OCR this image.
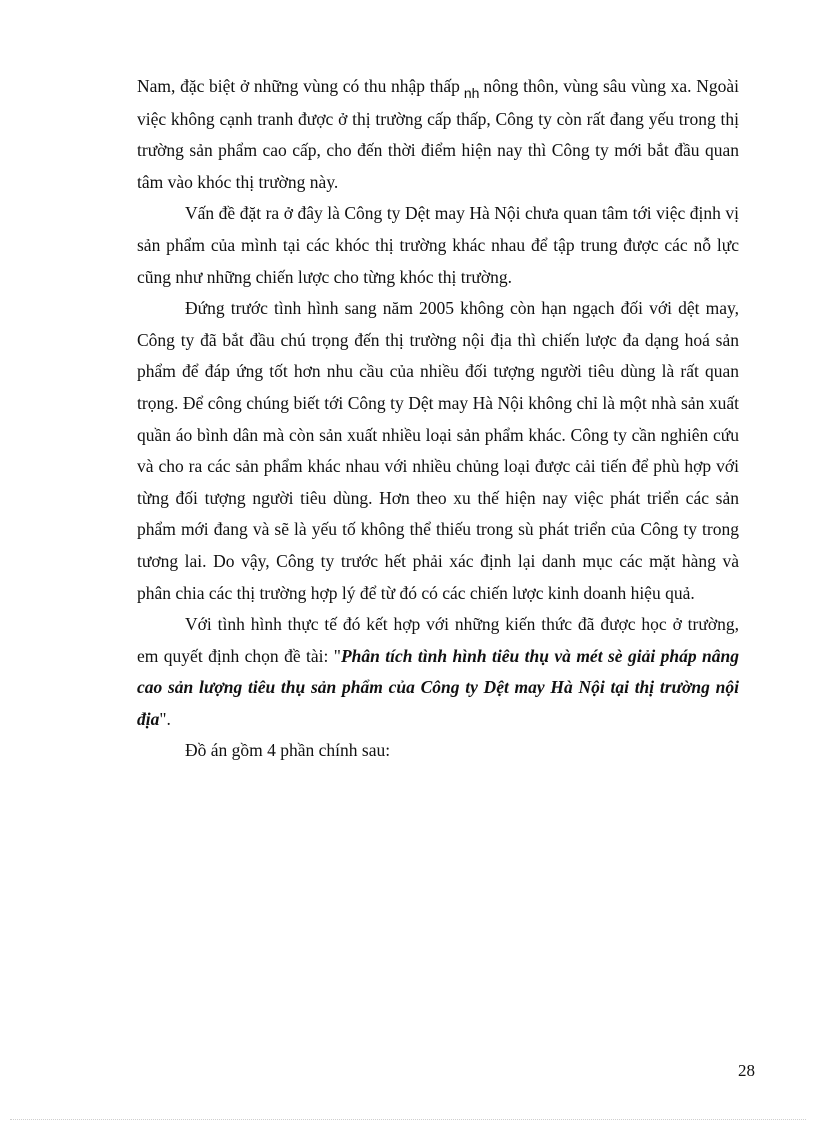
Nam, đặc biệt ở những vùng có thu nhập thấp $_{nh}$ nông thôn, vùng sâu vùng xa. Ngoài việc không cạnh tranh được ở thị trường cấp thấp, Công ty còn rất đang yếu trong thị trường sản phẩm cao cấp, cho đến thời điểm hiện nay thì Công ty mới bắt đầu quan tâm vào khóc thị trường này.

Vấn đề đặt ra ở đây là Công ty Dệt may Hà Nội chưa quan tâm tới việc định vị sản phẩm của mình tại các khóc thị trường khác nhau để tập trung được các nỗ lực cũng như những chiến lược cho từng khóc thị trường.

Đứng trước tình hình sang năm 2005 không còn hạn ngạch đối với dệt may, Công ty đã bắt đầu chú trọng đến thị trường nội địa thì chiến lược đa dạng hoá sản phẩm để đáp ứng tốt hơn nhu cầu của nhiều đối tượng người tiêu dùng là rất quan trọng. Để công chúng biết tới Công ty Dệt may Hà Nội không chỉ là một nhà sản xuất quần áo bình dân mà còn sản xuất nhiều loại sản phẩm khác. Công ty cần nghiên cứu và cho ra các sản phẩm khác nhau với nhiều chủng loại được cải tiến để phù hợp với từng đối tượng người tiêu dùng. Hơn theo xu thế hiện nay việc phát triển các sản phẩm mới đang và sẽ là yếu tố không thể thiếu trong sù phát triển của Công ty trong tương lai. Do vậy, Công ty trước hết phải xác định lại danh mục các mặt hàng và phân chia các thị trường hợp lý để từ đó có các chiến lược kinh doanh hiệu quả.

Với tình hình thực tế đó kết hợp với những kiến thức đã được học ở trường, em quyết định chọn đề tài: "Phân tích tình hình tiêu thụ và mét sè giải pháp nâng cao sản lượng tiêu thụ sản phẩm của Công ty Dệt may Hà Nội tại thị trường nội địa".

Đồ án gồm 4 phần chính sau:

28
